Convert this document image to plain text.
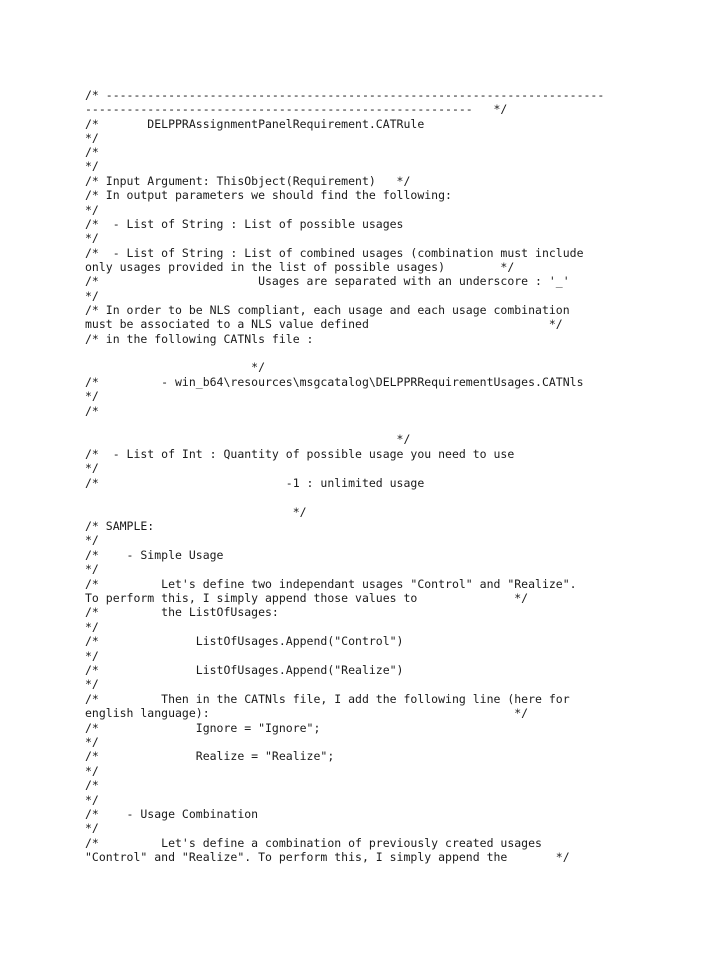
/* ------------------------------------------------------------------------
--------------------------------------------------------   */
/*       DELPPRAssignmentPanelRequirement.CATRule
*/
/*
*/
/* Input Argument: ThisObject(Requirement)   */
/* In output parameters we should find the following:
*/
/*  - List of String : List of possible usages
*/
/*  - List of String : List of combined usages (combination must include
only usages provided in the list of possible usages)        */
/*                       Usages are separated with an underscore : '_'
*/
/* In order to be NLS compliant, each usage and each usage combination
must be associated to a NLS value defined                          */
/* in the following CATNls file :
*/
/*         - win_b64\resources\msgcatalog\DELPPRRequirementUsages.CATNls
*/
/*
*/
/*  - List of Int : Quantity of possible usage you need to use
*/
/*                           -1 : unlimited usage
*/
/* SAMPLE:
*/
/*    - Simple Usage
*/
/*         Let's define two independant usages "Control" and "Realize".
To perform this, I simply append those values to              */
/*         the ListOfUsages:
*/
/*              ListOfUsages.Append("Control")
*/
/*              ListOfUsages.Append("Realize")
*/
/*         Then in the CATNls file, I add the following line (here for
english language):                                            */
/*              Ignore = "Ignore";
*/
/*              Realize = "Realize";
*/
/*
*/
/*    - Usage Combination
*/
/*         Let's define a combination of previously created usages
"Control" and "Realize". To perform this, I simply append the       */
